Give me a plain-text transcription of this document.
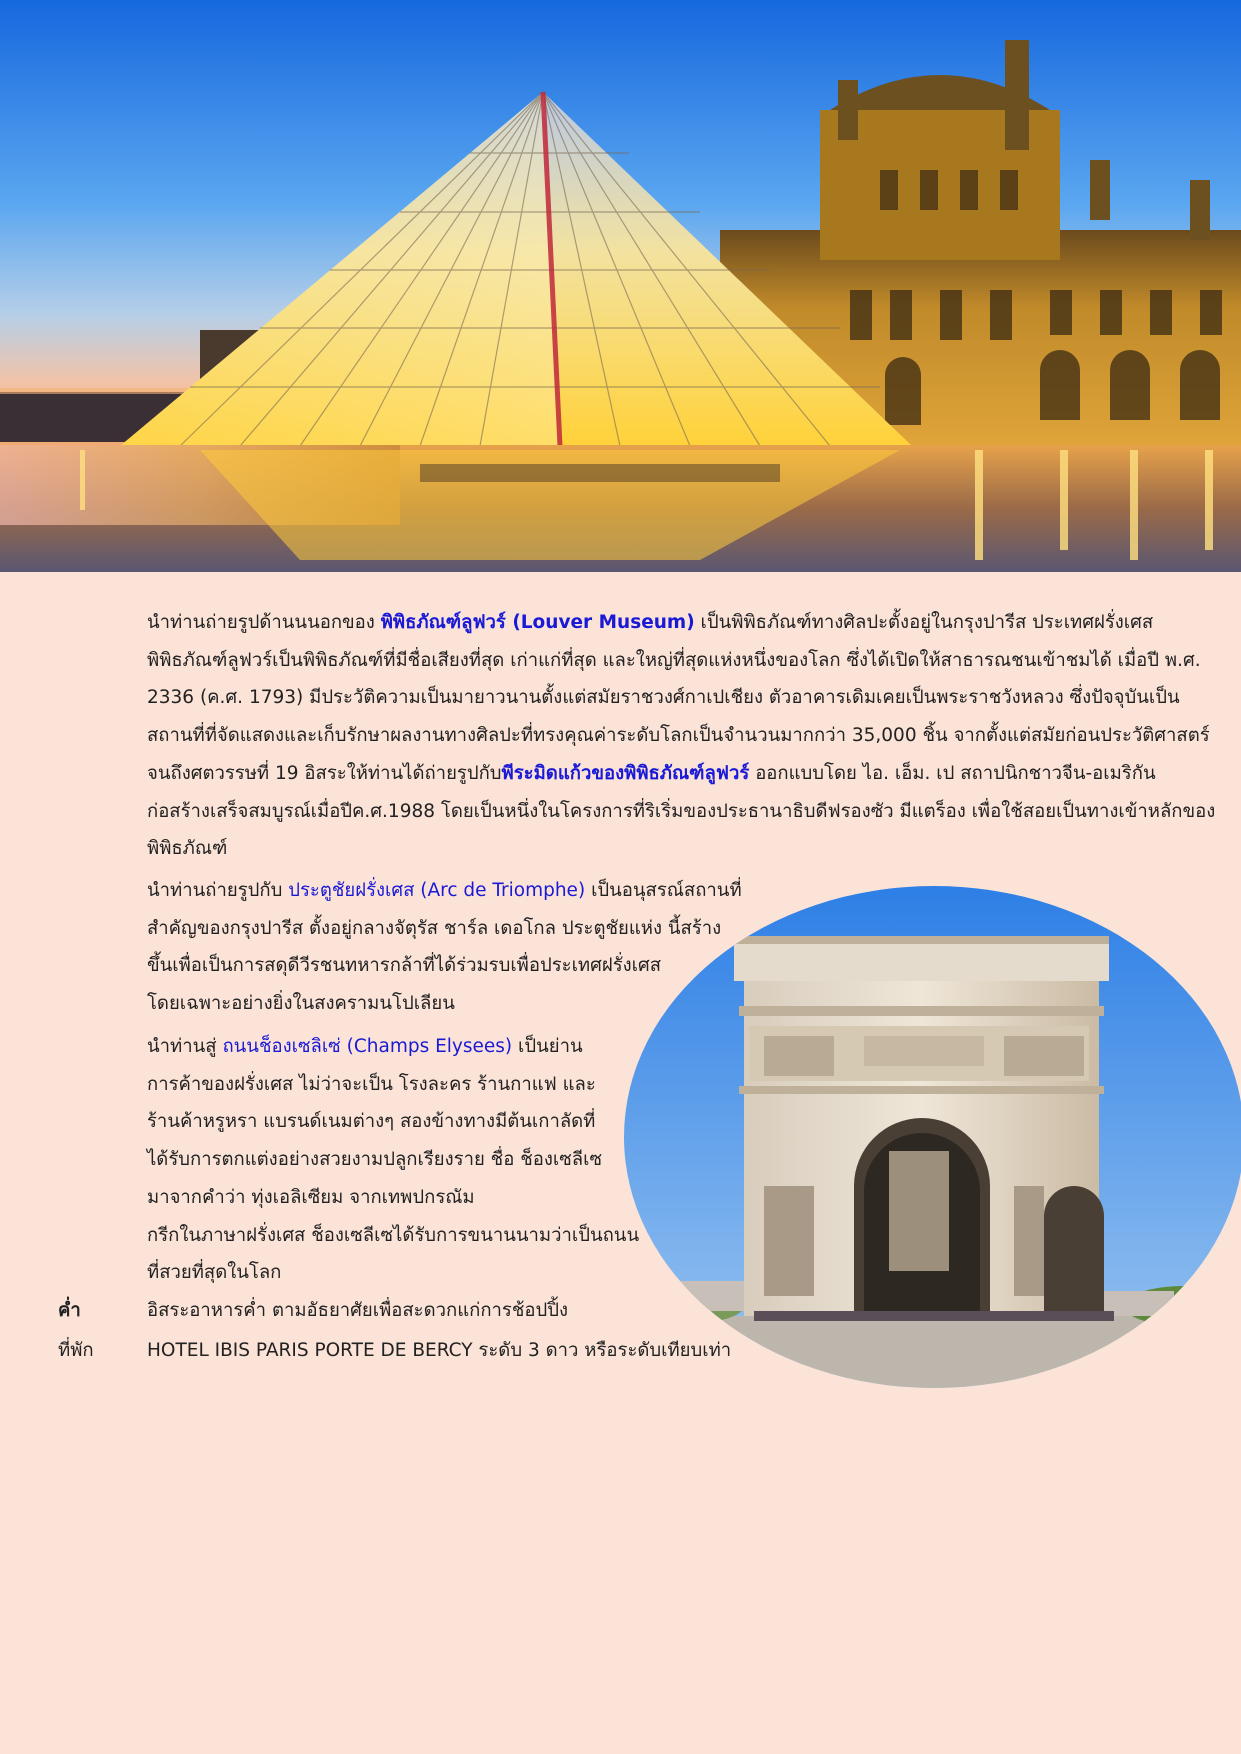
นำท่านถ่ายรูปด้านนนอกของ พิพิธภัณฑ์ลูฟวร์ (Louver Museum) เป็นพิพิธภัณฑ์ทางศิลปะตั้งอยู่ในกรุงปารีส ประเทศฝรั่งเศส
พิพิธภัณฑ์ลูฟวร์เป็นพิพิธภัณฑ์ที่มีชื่อเสียงที่สุด เก่าแก่ที่สุด และใหญ่ที่สุดแห่งหนึ่งของโลก ซึ่งได้เปิดให้สาธารณชนเข้าชมได้ เมื่อปี พ.ศ.
2336 (ค.ศ. 1793) มีประวัติความเป็นมายาวนานตั้งแต่สมัยราชวงศ์กาเปเชียง ตัวอาคารเดิมเคยเป็นพระราชวังหลวง ซึ่งปัจจุบันเป็น
สถานที่ที่จัดแสดงและเก็บรักษาผลงานทางศิลปะที่ทรงคุณค่าระดับโลกเป็นจำนวนมากกว่า 35,000 ชิ้น จากตั้งแต่สมัยก่อนประวัติศาสตร์
จนถึงศตวรรษที่ 19 อิสระให้ท่านได้ถ่ายรูปกับพีระมิดแก้วของพิพิธภัณฑ์ลูฟวร์ ออกแบบโดย ไอ. เอ็ม. เป สถาปนิกชาวจีน-อเมริกัน
ก่อสร้างเสร็จสมบูรณ์เมื่อปีค.ศ.1988 โดยเป็นหนึ่งในโครงการที่ริเริ่มของประธานาธิบดีฟรองซัว มีแตร็อง เพื่อใช้สอยเป็นทางเข้าหลักของ
พิพิธภัณฑ์
นำท่านถ่ายรูปกับ ประตูชัยฝรั่งเศส (Arc de Triomphe) เป็นอนุสรณ์สถานที่
สำคัญของกรุงปารีส ตั้งอยู่กลางจัตุรัส ชาร์ล เดอโกล ประตูชัยแห่ง นี้สร้าง
ขึ้นเพื่อเป็นการสดุดีวีรชนทหารกล้าที่ได้ร่วมรบเพื่อประเทศฝรั่งเศส
โดยเฉพาะอย่างยิ่งในสงครามนโปเลียน
นำท่านสู่ ถนนช็องเซลิเซ่ (Champs Elysees) เป็นย่าน
การค้าของฝรั่งเศส ไม่ว่าจะเป็น โรงละคร ร้านกาแฟ และ
ร้านค้าหรูหรา แบรนด์เนมต่างๆ สองข้างทางมีต้นเกาลัดที่
ได้รับการตกแต่งอย่างสวยงามปลูกเรียงราย ชื่อ ช็องเซลีเซ
มาจากคำว่า ทุ่งเอลิเซียม จากเทพปกรณัม
กรีกในภาษาฝรั่งเศส ช็องเซลีเซได้รับการขนานนามว่าเป็นถนน
ที่สวยที่สุดในโลก
ค่ำ	อิสระอาหารค่ำ ตามอัธยาศัยเพื่อสะดวกแก่การช้อปปิ้ง
ที่พัก	HOTEL IBIS PARIS PORTE DE BERCY ระดับ 3 ดาว หรือระดับเทียบเท่า
